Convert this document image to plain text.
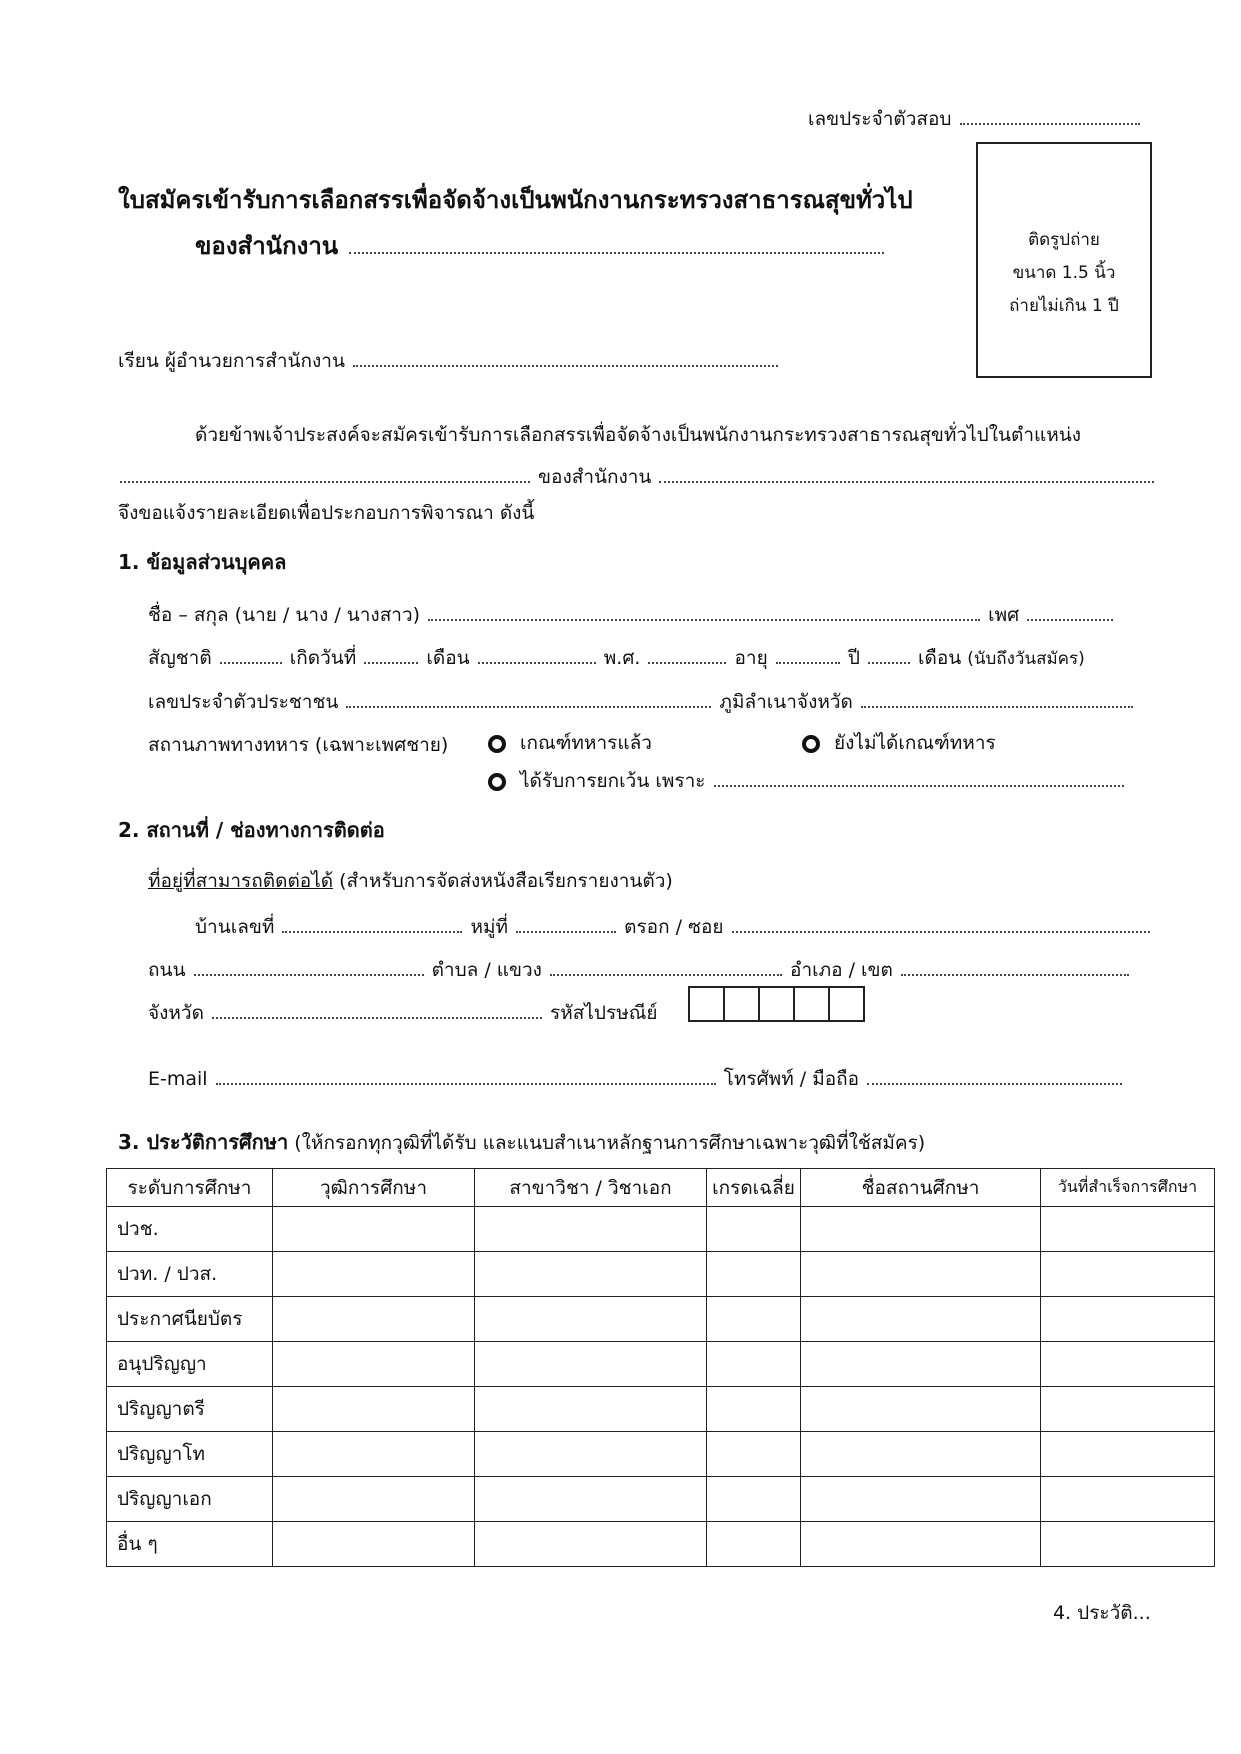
เลขประจำตัวสอบ
ใบสมัครเข้ารับการเลือกสรรเพื่อจัดจ้างเป็นพนักงานกระทรวงสาธารณสุขทั่วไป
ของสำนักงาน	ติดรูปถ่าย
ขนาด 1.5 นิ้ว
ถ่ายไม่เกิน 1 ปี
เรียน ผู้อำนวยการสำนักงาน
ด้วยข้าพเจ้าประสงค์จะสมัครเข้ารับการเลือกสรรเพื่อจัดจ้างเป็นพนักงานกระทรวงสาธารณสุขทั่วไปในตำแหน่ง
ของสำนักงาน
จึงขอแจ้งรายละเอียดเพื่อประกอบการพิจารณา ดังนี้
1. ข้อมูลส่วนบุคคล
ชื่อ – สกุล (นาย / นาง / นางสาว)	เพศ
สัญชาติ	เกิดวันที่	เดือน	พ.ศ.	อายุ	ปี	เดือน (นับถึงวันสมัคร)
เลขประจำตัวประชาชน	ภูมิลำเนาจังหวัด
สถานภาพทางทหาร (เฉพาะเพศชาย)	เกณฑ์ทหารแล้ว	ยังไม่ได้เกณฑ์ทหาร
ได้รับการยกเว้น เพราะ
2. สถานที่ / ช่องทางการติดต่อ
ที่อยู่ที่สามารถติดต่อได้ (สำหรับการจัดส่งหนังสือเรียกรายงานตัว)
บ้านเลขที่	หมู่ที่	ตรอก / ซอย
ถนน	ตำบล / แขวง	อำเภอ / เขต
จังหวัด	รหัสไปรษณีย์
E-mail	โทรศัพท์ / มือถือ
3. ประวัติการศึกษา (ให้กรอกทุกวุฒิที่ได้รับ และแนบสำเนาหลักฐานการศึกษาเฉพาะวุฒิที่ใช้สมัคร)
ระดับการศึกษา	วุฒิการศึกษา	สาขาวิชา / วิชาเอก	เกรดเฉลี่ย	ชื่อสถานศึกษา	วันที่สำเร็จการศึกษา
ปวช.					
ปวท. / ปวส.					
ประกาศนียบัตร					
อนุปริญญา					
ปริญญาตรี					
ปริญญาโท					
ปริญญาเอก					
อื่น ๆ					
4. ประวัติ...
